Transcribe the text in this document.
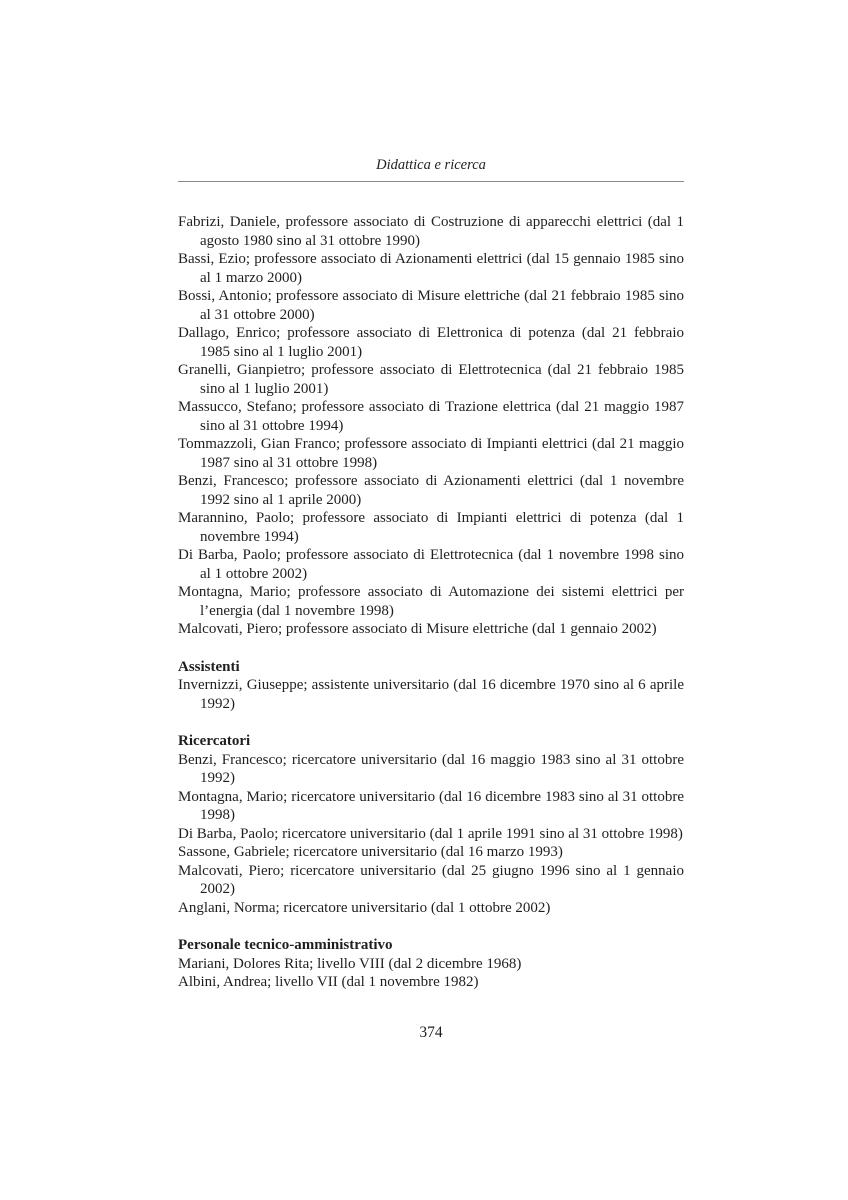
Didattica e ricerca

Fabrizi, Daniele, professore associato di Costruzione di apparecchi elettrici (dal 1 agosto 1980 sino al 31 ottobre 1990)

Bassi, Ezio; professore associato di Azionamenti elettrici (dal 15 gennaio 1985 sino al 1 marzo 2000)

Bossi, Antonio; professore associato di Misure elettriche (dal 21 febbraio 1985 sino al 31 ottobre 2000)

Dallago, Enrico; professore associato di Elettronica di potenza (dal 21 febbraio 1985 sino al 1 luglio 2001)

Granelli, Gianpietro; professore associato di Elettrotecnica (dal 21 febbraio 1985 sino al 1 luglio 2001)

Massucco, Stefano; professore associato di Trazione elettrica (dal 21 maggio 1987 sino al 31 ottobre 1994)

Tommazzoli, Gian Franco; professore associato di Impianti elettrici (dal 21 maggio 1987 sino al 31 ottobre 1998)

Benzi, Francesco; professore associato di Azionamenti elettrici (dal 1 novembre 1992 sino al 1 aprile 2000)

Marannino, Paolo; professore associato di Impianti elettrici di potenza (dal 1 novembre 1994)

Di Barba, Paolo; professore associato di Elettrotecnica (dal 1 novembre 1998 sino al 1 ottobre 2002)

Montagna, Mario; professore associato di Automazione dei sistemi elettrici per l’energia (dal 1 novembre 1998)

Malcovati, Piero; professore associato di Misure elettriche (dal 1 gennaio 2002)

Assistenti

Invernizzi, Giuseppe; assistente universitario (dal 16 dicembre 1970 sino al 6 aprile 1992)

Ricercatori

Benzi, Francesco; ricercatore universitario (dal 16 maggio 1983 sino al 31 ottobre 1992)

Montagna, Mario; ricercatore universitario (dal 16 dicembre 1983 sino al 31 ottobre 1998)

Di Barba, Paolo; ricercatore universitario (dal 1 aprile 1991 sino al 31 ottobre 1998)

Sassone, Gabriele; ricercatore universitario (dal 16 marzo 1993)

Malcovati, Piero; ricercatore universitario (dal 25 giugno 1996 sino al 1 gennaio 2002)

Anglani, Norma; ricercatore universitario (dal 1 ottobre 2002)

Personale tecnico-amministrativo

Mariani, Dolores Rita; livello VIII (dal 2 dicembre 1968)

Albini, Andrea; livello VII (dal 1 novembre 1982)

374
